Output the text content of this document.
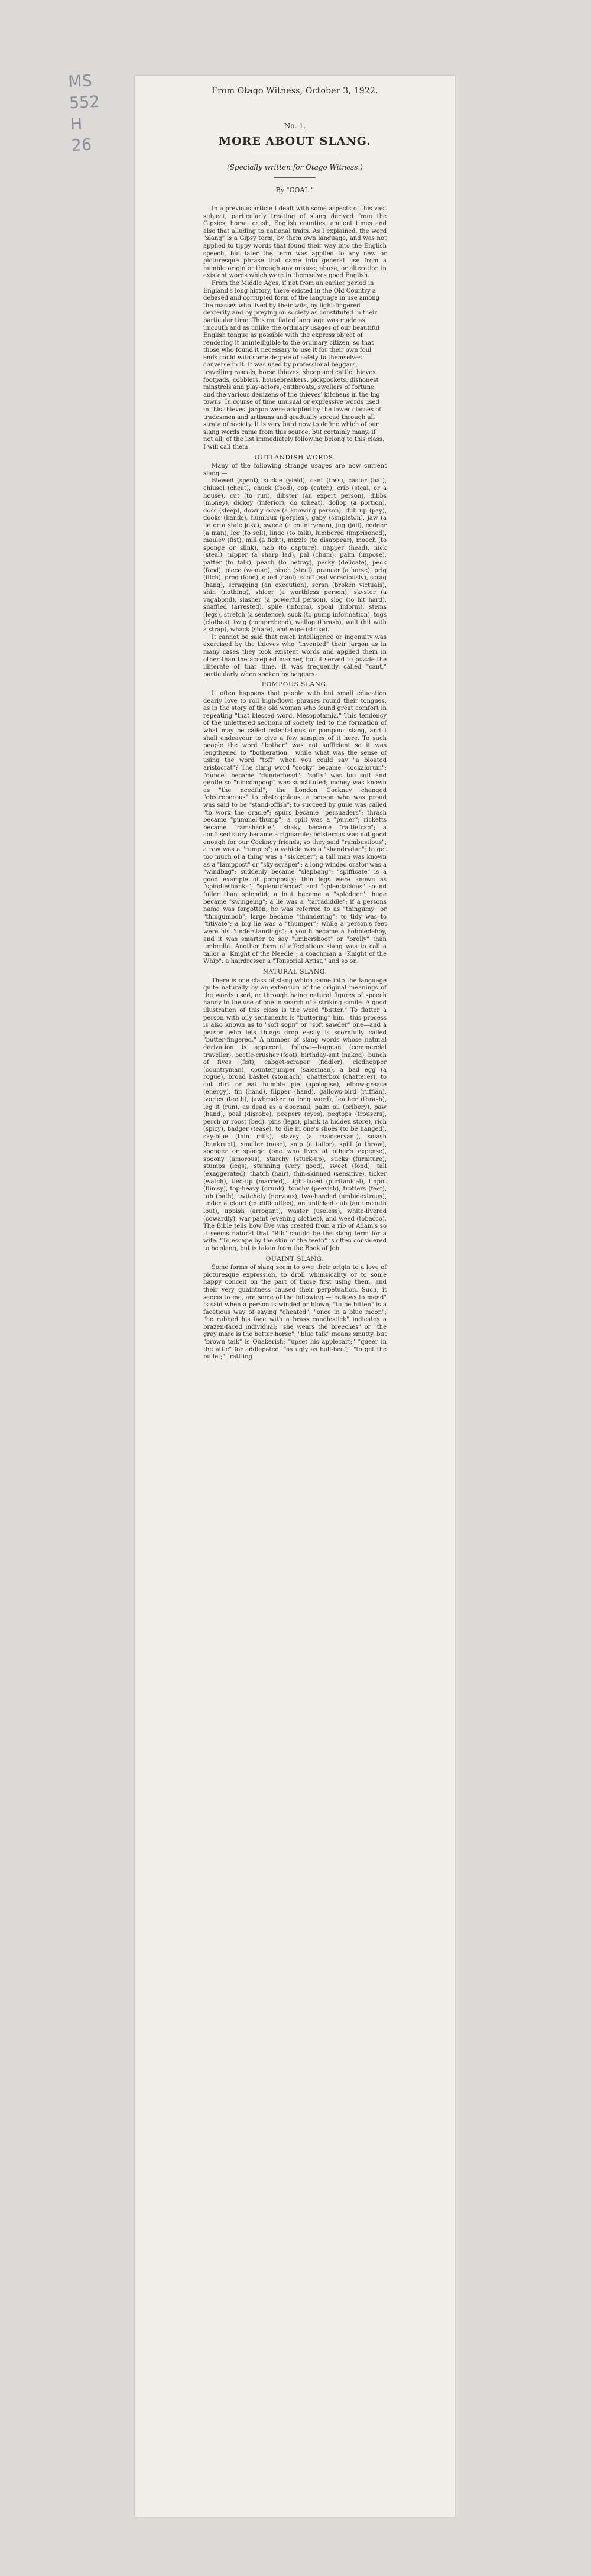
MS
552
H
26
From Otago Witness, October 3, 1922.
No. 1.
MORE ABOUT SLANG.
(Specially written for Otago Witness.)
By "GOAL."

In a previous article I dealt with some aspects of this vast subject, particularly treating of slang derived from the Gipsies, horse, crush, English counties, ancient times and also that alluding to national traits. As I explained, the word "slang" is a Gipsy term; by them own language, and was not applied to tippy words that found their way into the English speech, but later the term was applied to any new or picturesque phrase that came into general use from a humble origin or through any misuse, abuse, or alteration in existent words which were in themselves good English.

From the Middle Ages, if not from an earlier period in England's long history, there existed in the Old Country a debased and corrupted form of the language in use among the masses who lived by their wits, by light-fingered dexterity and by preying on society as constituted in their particular time. This mutilated language was made as uncouth and as unlike the ordinary usages of our beautiful English tongue as possible with the express object of rendering it unintelligible to the ordinary citizen, so that those who found it necessary to use it for their own foul ends could with some degree of safety to themselves converse in it. It was used by professional beggars, travelling rascals, horse thieves, sheep and cattle thieves, footpads, cobblers, housebreakers, pickpockets, dishonest minstrels and play-actors, cutthroats, swellers of fortune, and the various denizens of the thieves' kitchens in the big towns. In course of time unusual or expressive words used in this thieves' jargon were adopted by the lower classes of tradesmen and artisans and gradually spread through all strata of society. It is very hard now to define which of our slang words came from this source, but certainly many, if not all, of the list immediately following belong to this class. I will call them

OUTLANDISH WORDS.

Many of the following strange usages are now current slang:—

Blewed (spent), suckle (yield), cant (toss), castor (hat), chiusel (cheat), chuck (food), cop (catch), crib (steal, or a house), cut (to run), dibster (an expert person), dibbs (money), dickey (inferior), do (cheat), dollop (a portion), doss (sleep), downy cove (a knowing person), dub up (pay), dooks (hands), flummux (perplex), gaby (simpleton), jaw (a lie or a stale joke), swede (a countryman), jug (jail), codger (a man), leg (to sell), lingo (to talk), lumbered (imprisoned), mauley (fist), mill (a fight), mizzle (to disappear), mooch (to sponge or slink), nab (to capture), napper (head), nick (steal), nipper (a sharp lad), pal (chum), palm (impose), patter (to talk), peach (to betray), pesky (delicate), peck (food), piece (woman), pinch (steal), prancer (a horse), prig (filch), prog (food), quod (gaol), scoff (eat voraciously), scrag (hang), scragging (an execution), scran (broken victuals), shin (nothing), shicer (a worthless person), skyster (a vagabond), slasher (a powerful person), slog (to hit hard), snaffled (arrested), spile (inform), spoal (inform), stems (legs), stretch (a sentence), suck (to pump information), togs (clothes), twig (comprehend), wallop (thrash), welt (hit with a strap), whack (share), and wipe (strike).

It cannot be said that much intelligence or ingenuity was exercised by the thieves who "invented" their jargon as in many cases they took existent words and applied them in other than the accepted manner, but it served to puzzle the illiterate of that time. It was frequently called "cant," particularly when spoken by beggars.

POMPOUS SLANG.

It often happens that people with but small education dearly love to roll high-flown phrases round their tongues, as in the story of the old woman who found great comfort in repeating "that blessed word, Mesopotamia." This tendency of the unlettered sections of society led to the formation of what may be called ostentatious or pompous slang, and I shall endeavour to give a few samples of it here. To such people the word "bother" was not sufficient so it was lengthened to "botheration," while what was the sense of using the word "toff" when you could say "a bloated aristocrat"? The slang word "cocky" became "cockalorum"; "dunce" became "dunderhead"; "softy" was too soft and gentle so "nincompoop" was substituted; money was known as "the needful"; the London Cockney changed "obstreperous" to obstropolous; a person who was proud was said to be "stand-offish"; to succeed by guile was called "to work the oracle"; spurs became "persuaders"; thrash became "pummel-thump"; a spill was a "purler"; ricketts became "ramshackle"; shaky became "rattletrap"; a confused story became a rigmarole; boisterous was not good enough for our Cockney friends, so they said "rumbustious"; a row was a "rumpus"; a vehicle was a "shandrydan"; to get too much of a thing was a "sickener"; a tall man was known as a "lamppost" or "sky-scraper"; a long-winded orator was a "windbag"; suddenly became "slapbang"; "spifficate" is a good example of pomposity; thin legs were known as "spindleshanks"; "splendiferous" and "splendacious" sound fuller than splendid; a lout became a "splodger"; huge became "swingeing"; a lie was a "tarradiddle"; if a persons name was forgotten, he was referred to as "thingumy" or "thingumbob"; large became "thundering"; to tidy was to "titivate"; a big lie was a "thumper"; while a person's feet were his "understandings"; a youth became a hobbledehoy, and it was smarter to say "umbershoot" or "brolly" than umbrella. Another form of affectatious slang was to call a tailor a "Knight of the Needle"; a coachman a "Knight of the Whip"; a hairdresser a "Tonsorial Artist," and so on.

NATURAL SLANG.

There is one class of slang which came into the language quite naturally by an extension of the original meanings of the words used, or through being natural figures of speech handy to the use of one in search of a striking simile. A good illustration of this class is the word "butter." To flatter a person with oily sentiments is "buttering" him—this process is also known as to "soft sopn" or "soft sawder" one—and a person who lets things drop easily is scornfully called "butter-fingered." A number of slang words whose natural derivation is apparent, follow:—bagman (commercial traveller), beetle-crusher (foot), birthday-suit (naked), bunch of fives (fist), cabget-scraper (fiddler), clodhopper (countryman), counterjumper (salesman), a bad egg (a rogue), broad basket (stomach), chatterbox (chatterer), to cut dirt or eat humble pie (apologise), elbow-grease (energy), fin (hand), flipper (hand), gallows-bird (ruffian), ivories (teeth), jawbreaker (a long word), leather (thrash), leg it (run), as dead as a doornail, palm oil (bribery), paw (hand), peal (disrobe), peepers (eyes), pegtops (trousers), perch or roost (bed), pins (legs), plank (a hidden store), rich (spicy), badger (tease), to die in one's shoes (to be hanged), sky-blue (thin milk), slavey (a maidservant), smash (bankrupt), smeller (nose), snip (a tailor), spill (a throw), sponger or sponge (one who lives at other's expense), spoony (amorous), starchy (stuck-up), sticks (furniture), stumps (legs), stunning (very good), sweet (fond), tall (exaggerated), thatch (hair), thin-skinned (sensitive), ticker (watch), tied-up (married), tight-laced (puritanical), tinpot (flimsy), top-heavy (drunk), touchy (peevish), trotters (feet), tub (bath), twitchety (nervous), two-handed (ambidextrous), under a cloud (in difficulties), an unlicked cub (an uncouth lout), uppish (arrogant), waster (useless), white-livered (cowardly), war-paint (evening clothes), and weed (tobacco). The Bible tells how Eve was created from a rib of Adam's so it seems natural that "Rib" should be the slang term for a wife. "To escape by the skin of the teeth" is often considered to be slang, but is taken from the Book of Job.

QUAINT SLANG.

Some forms of slang seem to owe their origin to a love of picturesque expression, to droll whimsicality or to some happy conceit on the part of those first using them, and their very quaintness caused their perpetuation. Such, it seems to me, are some of the following:—"bellows to mend" is said when a person is winded or blown; "to be bitten" is a facetious way of saying "cheated"; "once in a blue moon"; "he rubbed his face with a brass candlestick" indicates a brazen-faced individual; "she wears the breeches" or "the grey mare is the better horse"; "blue talk" means smutty, but "brown talk" is Quakerish; "upset his applecart;" "queer in the attic" for addlepated; "as ugly as bull-beef;" "to get the bullet;" "rattling
